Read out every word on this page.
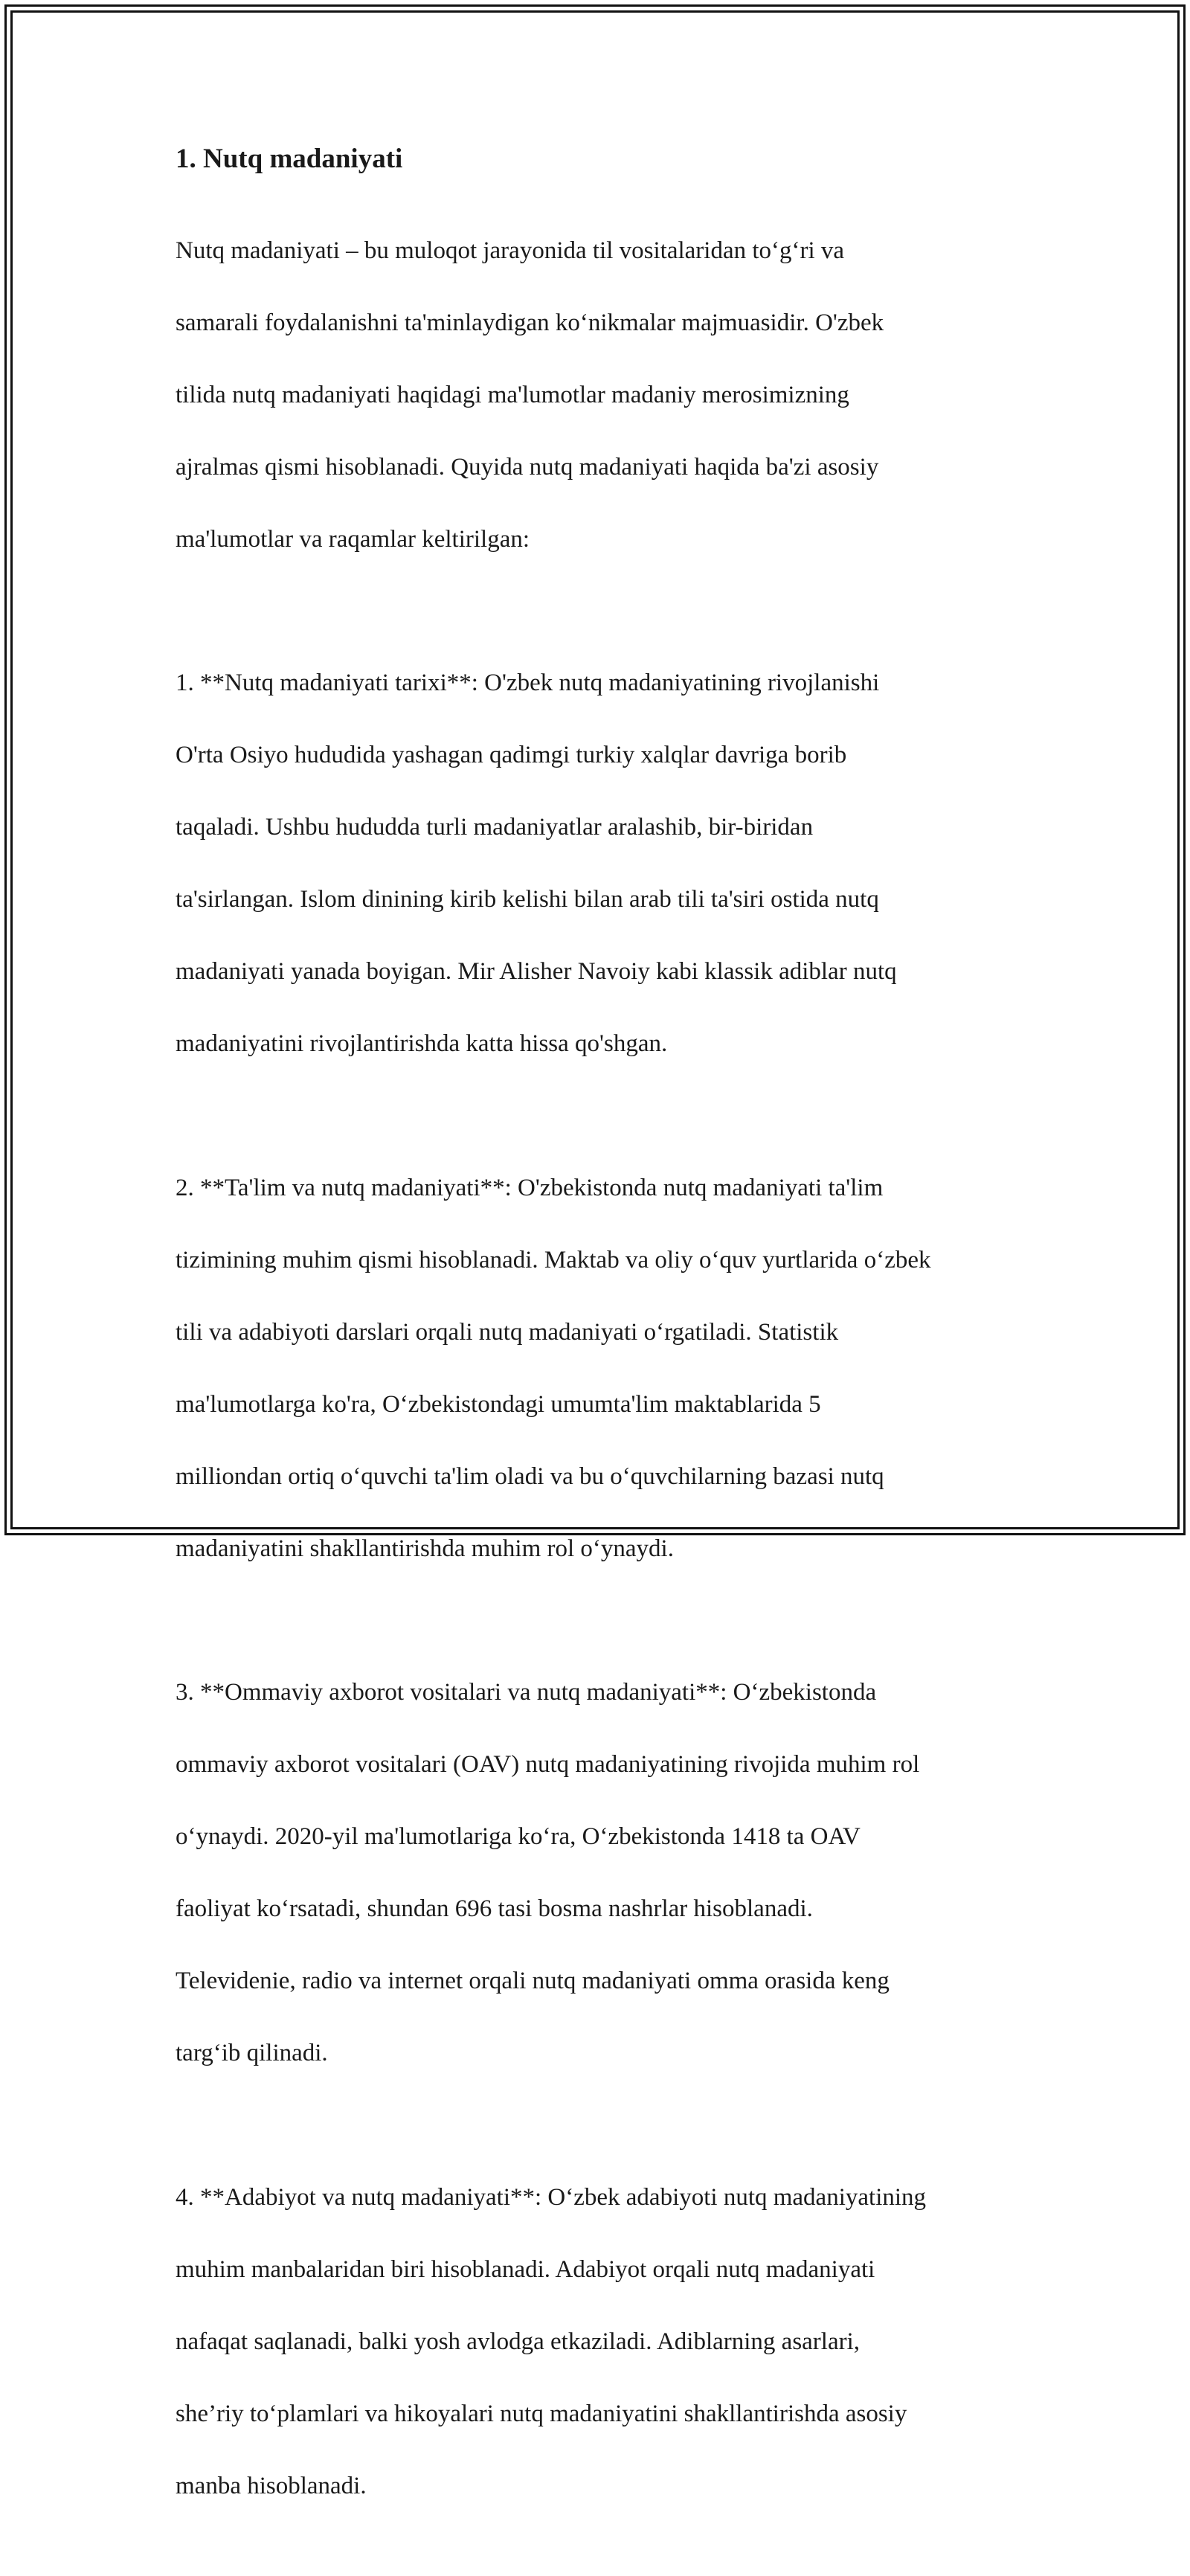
1. Nutq madaniyati

Nutq madaniyati – bu muloqot jarayonida til vositalaridan to‘g‘ri va

samarali foydalanishni ta'minlaydigan ko‘nikmalar majmuasidir. O'zbek

tilida nutq madaniyati haqidagi ma'lumotlar madaniy merosimizning

ajralmas qismi hisoblanadi. Quyida nutq madaniyati haqida ba'zi asosiy

ma'lumotlar va raqamlar keltirilgan:

1. **Nutq madaniyati tarixi**: O'zbek nutq madaniyatining rivojlanishi

O'rta Osiyo hududida yashagan qadimgi turkiy xalqlar davriga borib

taqaladi. Ushbu hududda turli madaniyatlar aralashib, bir-biridan

ta'sirlangan. Islom dinining kirib kelishi bilan arab tili ta'siri ostida nutq

madaniyati yanada boyigan. Mir Alisher Navoiy kabi klassik adiblar nutq

madaniyatini rivojlantirishda katta hissa qo'shgan.

2. **Ta'lim va nutq madaniyati**: O'zbekistonda nutq madaniyati ta'lim

tizimining muhim qismi hisoblanadi. Maktab va oliy o‘quv yurtlarida o‘zbek

tili va adabiyoti darslari orqali nutq madaniyati o‘rgatiladi. Statistik

ma'lumotlarga ko'ra, O‘zbekistondagi umumta'lim maktablarida 5

milliondan ortiq o‘quvchi ta'lim oladi va bu o‘quvchilarning bazasi nutq

madaniyatini shakllantirishda muhim rol o‘ynaydi.

3. **Ommaviy axborot vositalari va nutq madaniyati**: O‘zbekistonda

ommaviy axborot vositalari (OAV) nutq madaniyatining rivojida muhim rol

o‘ynaydi. 2020-yil ma'lumotlariga ko‘ra, O‘zbekistonda 1418 ta OAV

faoliyat ko‘rsatadi, shundan 696 tasi bosma nashrlar hisoblanadi.

Televidenie, radio va internet orqali nutq madaniyati omma orasida keng

targ‘ib qilinadi.

4. **Adabiyot va nutq madaniyati**: O‘zbek adabiyoti nutq madaniyatining

muhim manbalaridan biri hisoblanadi. Adabiyot orqali nutq madaniyati

nafaqat saqlanadi, balki yosh avlodga etkaziladi. Adiblarning asarlari,

she’riy to‘plamlari va hikoyalari nutq madaniyatini shakllantirishda asosiy

manba hisoblanadi.
